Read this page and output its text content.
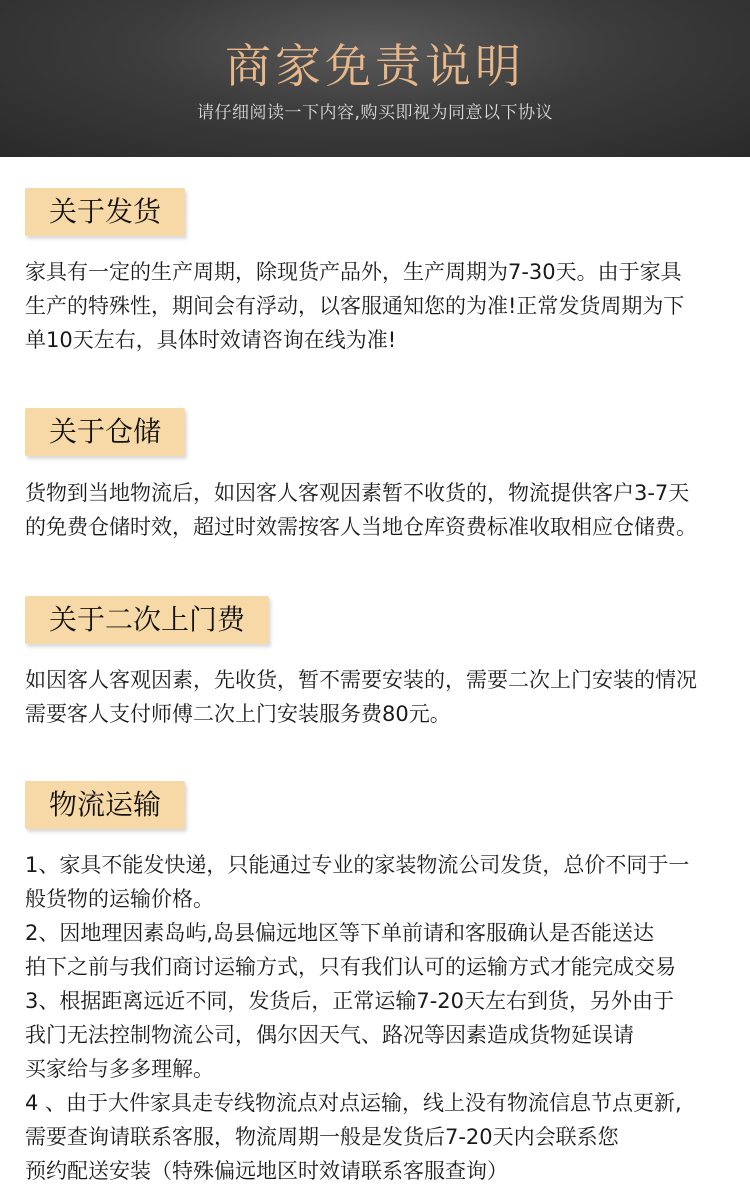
商家免责说明
请仔细阅读一下内容,购买即视为同意以下协议
关于发货
家具有一定的生产周期，除现货产品外，生产周期为7-30天。由于家具
生产的特殊性，期间会有浮动，以客服通知您的为准!正常发货周期为下
单10天左右，具体时效请咨询在线为准!
关于仓储
货物到当地物流后，如因客人客观因素暂不收货的，物流提供客户3-7天
的免费仓储时效，超过时效需按客人当地仓库资费标准收取相应仓储费。
关于二次上门费
如因客人客观因素，先收货，暂不需要安装的，需要二次上门安装的情况
需要客人支付师傅二次上门安装服务费80元。
物流运输
1、家具不能发快递，只能通过专业的家装物流公司发货，总价不同于一
般货物的运输价格。
2、因地理因素岛屿,岛县偏远地区等下单前请和客服确认是否能送达
拍下之前与我们商讨运输方式，只有我们认可的运输方式才能完成交易
3、根据距离远近不同，发货后，正常运输7-20天左右到货，另外由于
我门无法控制物流公司，偶尔因天气、路况等因素造成货物延误请
买家给与多多理解。
4 、由于大件家具走专线物流点对点运输，线上没有物流信息节点更新,
需要查询请联系客服，物流周期一般是发货后7-20天内会联系您
预约配送安装（特殊偏远地区时效请联系客服查询）
